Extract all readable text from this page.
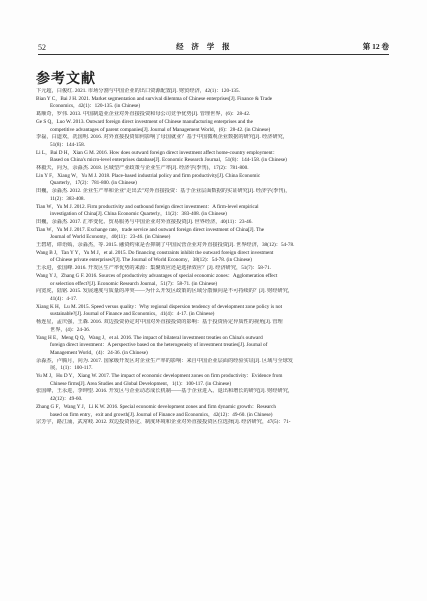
52	经 济 学 报	第 12 卷
参考文献
卞元超，白俊红. 2021. 市场分割与中国企业的出口资源配置[J]. 财贸经济，42(1)：120-135.
Bian Y C，Bai J H. 2021. Market segmentation and survival dilemma of Chinese enterprises[J]. Finance & Trade
Economics，42(1)：120-135. (in Chinese)
葛顺奇，罗伟. 2013. 中国制造业企业对外直接投资和母公司竞争优势[J]. 管理世界，(6)：28-42.
Ge S Q，Luo W. 2013. Outward foreign direct investment of Chinese manufacturing enterprises and the
competitive advantages of parent companies[J]. Journal of Management World，(6)：28-42. (in Chinese)
李磊，白道欢，冼国明. 2016. 对外直接投资如何影响了母国就业？基于中国微观企业数据的研究[J]. 经济研究，
51(8)：144-158.
Li L，Bai D H，Xian G M. 2016. How does outward foreign direct investment affect home-country employment：
Based on China's micro-level enterprises database[J]. Economic Research Journal，51(8)：144-158. (in Chinese)
林毅夫，向为，余淼杰. 2018. 区域型产业政策与企业生产率[J]. 经济学(季刊)，17(2)：781-800.
Lin Y F，Xiang W，Yu M J. 2018. Place-based industrial policy and firm productivity[J]. China Economic
Quarterly，17(2)：781-800. (in Chinese)
田巍，余淼杰. 2012. 企业生产率和企业"走出去"对外直接投资：基于企业层面数据的实证研究[J]. 经济学(季刊)，
11(2)：383-408.
Tian W，Yu M J. 2012. Firm productivity and outbound foreign direct investment：A firm-level empirical
investigation of China[J]. China Economic Quarterly，11(2)：383-408. (in Chinese)
田巍，余淼杰. 2017. 汇率变化、贸易服务与中国企业对外直接投资[J]. 世界经济，40(11)：23-46.
Tian W，Yu M J. 2017. Exchange rate，trade service and outward foreign direct investment of China[J]. The
Journal of World Economy，40(11)：23-46. (in Chinese)
王碧珺，谭语嫣，余淼杰，等. 2015. 融资约束是否抑制了中国民营企业对外直接投资[J]. 世界经济，38(12)：54-78.
Wang B J，Tan Y Y，Yu M J，et al. 2015. Do financing constraints inhibit the outward foreign direct investment
of Chinese private enterprises?[J]. The Journal of World Economy，38(12)：54-78. (in Chinese)
王永进，张国峰. 2016. 开发区生产率优势的来源：集聚效应还是选择效应？[J]. 经济研究，51(7)：58-71.
Wang Y J，Zhang G F. 2016. Sources of productivity advantages of special economic zones：Agglomeration effect
or selection effect?[J]. Economic Research Journal，51(7)：58-71. (in Chinese)
向宽虎，陆铭. 2015. 发展速度与质量的冲突——为什么开发区政策的区域分散倾向是不可持续的？[J]. 财经研究，
41(4)：4-17.
Xiang K H，Lu M. 2015. Speed versus quality：Why regional dispersion tendency of development zone policy is not
sustainable?[J]. Journal of Finance and Economics，41(4)：4-17. (in Chinese)
杨连星，孟庆强，王森. 2016. 双边投资协定对中国对外直接投资的影响：基于投资协定异质性的视角[J]. 管理
世界，(4)：24-36.
Yang H E，Meng Q Q，Wang J，et al. 2016. The impact of bilateral investment treaties on China's outward
foreign direct investment：A perspective based on the heterogeneity of investment treaties[J]. Journal of
Management World，(4)：24-36. (in Chinese)
余淼杰，卢腾月，向为. 2017. 国家级开发区对企业生产率的影响：来自中国企业层面的经验实证[J]. 区域与全球发
展，1(1)：100-117.
Yu M J，Hu D Y，Xiang W. 2017. The impact of economic development zones on firm productivity：Evidence from
Chinese firms[J]. Area Studies and Global Development，1(1)：100-117. (in Chinese)
张国峰，王永进，李坤望. 2016. 开发区与企业动态成长机制——基于企业进入、退出和增长的研究[J]. 财经研究，
42(12)：49-60.
Zhang G F，Wang Y J，Li K W. 2016. Special economic development zones and firm dynamic growth：Research
based on firm entry，exit and growth[J]. Journal of Finance and Economics，42(12)：49-60. (in Chinese)
宗芳宇，路江涌，武常岐. 2012. 双边投资协定、制度环境和企业对外直接投资区位选择[J]. 经济研究，47(5)：71-
